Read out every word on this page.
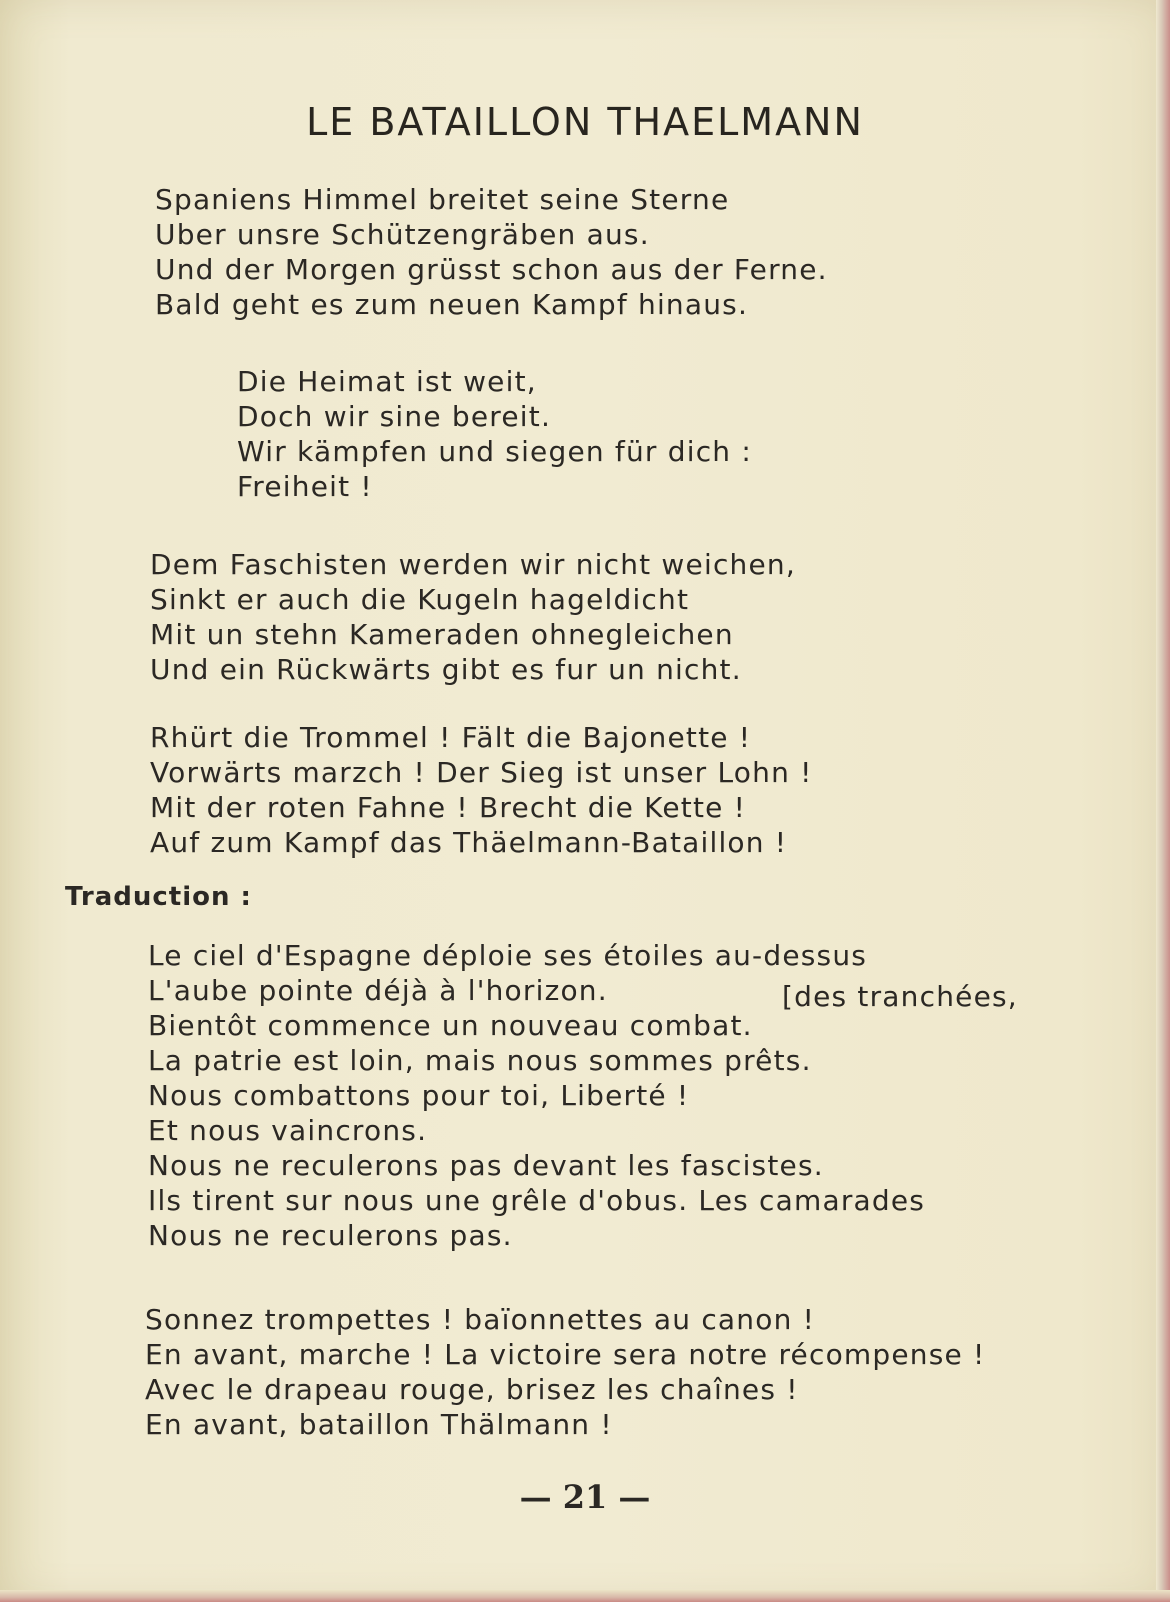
LE BATAILLON THAELMANN
Spaniens Himmel breitet seine Sterne
Uber unsre Schützengräben aus.
Und der Morgen grüsst schon aus der Ferne.
Bald geht es zum neuen Kampf hinaus.
Die Heimat ist weit,
Doch wir sine bereit.
Wir kämpfen und siegen für dich :
Freiheit !
Dem Faschisten werden wir nicht weichen,
Sinkt er auch die Kugeln hageldicht
Mit un stehn Kameraden ohnegleichen
Und ein Rückwärts gibt es fur un nicht.
Rhürt die Trommel ! Fält die Bajonette !
Vorwärts marzch ! Der Sieg ist unser Lohn !
Mit der roten Fahne ! Brecht die Kette !
Auf zum Kampf das Thäelmann-Bataillon !

Traduction :

Le ciel d'Espagne déploie ses étoiles au-dessus
L'aube pointe déjà à l'horizon.
Bientôt commence un nouveau combat.
La patrie est loin, mais nous sommes prêts.
Nous combattons pour toi, Liberté !
Et nous vaincrons.
Nous ne reculerons pas devant les fascistes.
Ils tirent sur nous une grêle d'obus. Les camarades
Nous ne reculerons pas.
[des tranchées,
Sonnez trompettes ! baïonnettes au canon !
En avant, marche ! La victoire sera notre récompense !
Avec le drapeau rouge, brisez les chaînes !
En avant, bataillon Thälmann !

— 21 —
